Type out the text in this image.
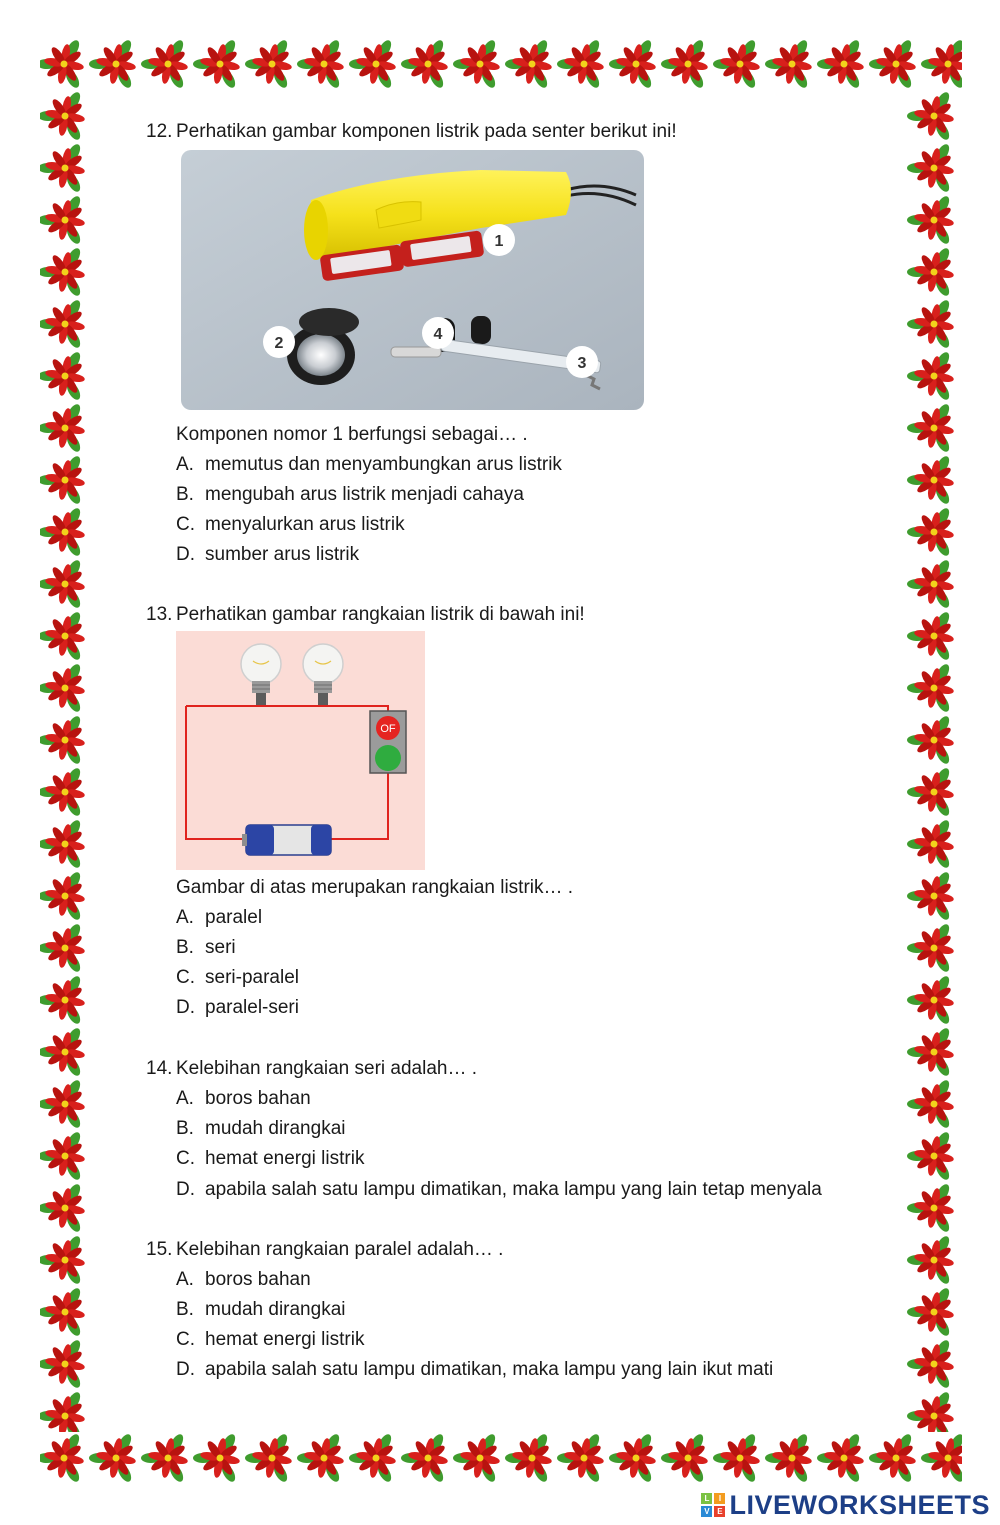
12. Perhatikan gambar komponen listrik pada senter berikut ini!
1
2
3
4
Komponen nomor 1 berfungsi sebagai… .
A. memutus dan menyambungkan arus listrik
B. mengubah arus listrik menjadi cahaya
C. menyalurkan arus listrik
D. sumber arus listrik
13. Perhatikan gambar rangkaian listrik di bawah ini!
OF
Gambar di atas merupakan rangkaian listrik… .
A. paralel
B. seri
C. seri-paralel
D. paralel-seri
14. Kelebihan rangkaian seri adalah… .
A. boros bahan
B. mudah dirangkai
C. hemat energi listrik
D. apabila salah satu lampu dimatikan, maka lampu yang lain tetap menyala
15. Kelebihan rangkaian paralel adalah… .
A. boros bahan
B. mudah dirangkai
C. hemat energi listrik
D. apabila salah satu lampu dimatikan, maka lampu yang lain ikut mati
L	I
V E LIVEWORKSHEETS
